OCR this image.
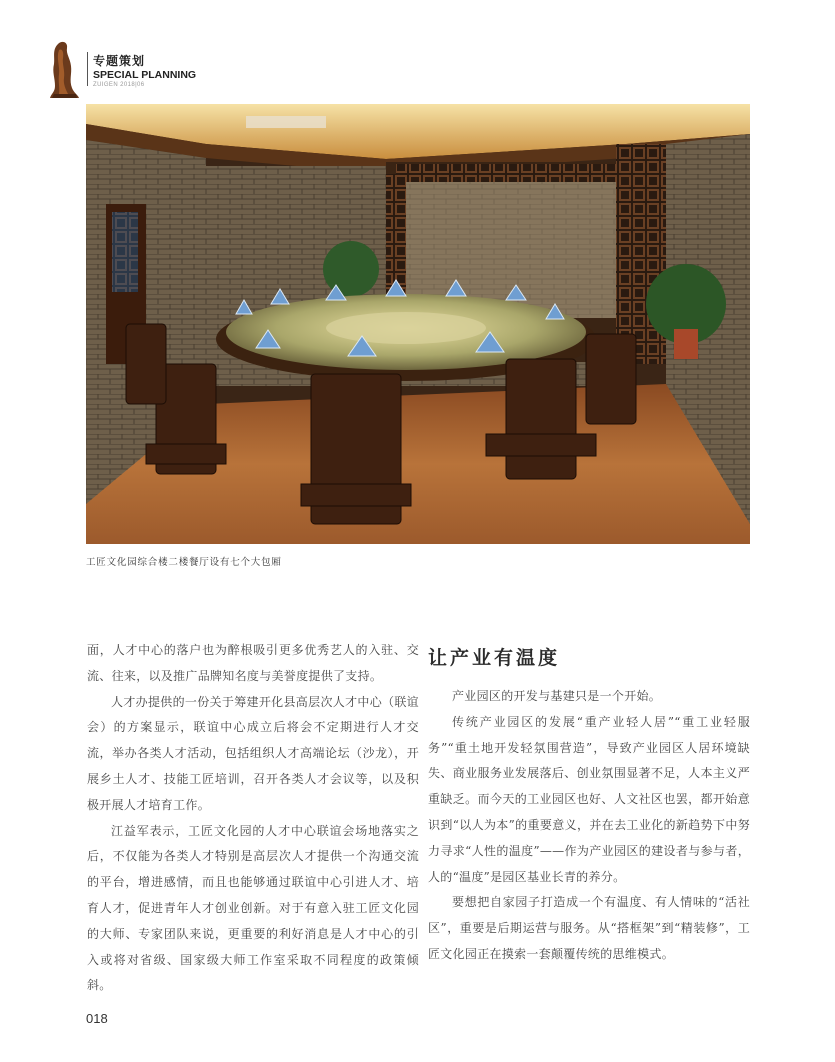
专题策划
SPECIAL PLANNING
ZUIGEN 2018|06
工匠文化园综合楼二楼餐厅设有七个大包厢

面，人才中心的落户也为醉根吸引更多优秀艺人的入驻、交流、往来，以及推广品牌知名度与美誉度提供了支持。

人才办提供的一份关于筹建开化县高层次人才中心（联谊会）的方案显示，联谊中心成立后将会不定期进行人才交流，举办各类人才活动，包括组织人才高端论坛（沙龙），开展乡土人才、技能工匠培训，召开各类人才会议等，以及积极开展人才培育工作。

江益军表示，工匠文化园的人才中心联谊会场地落实之后，不仅能为各类人才特别是高层次人才提供一个沟通交流的平台，增进感情，而且也能够通过联谊中心引进人才、培育人才，促进青年人才创业创新。对于有意入驻工匠文化园的大师、专家团队来说，更重要的利好消息是人才中心的引入或将对省级、国家级大师工作室采取不同程度的政策倾斜。

让产业有温度

产业园区的开发与基建只是一个开始。

传统产业园区的发展“重产业轻人居”“重工业轻服务”“重土地开发轻氛围营造”，导致产业园区人居环境缺失、商业服务业发展落后、创业氛围显著不足，人本主义严重缺乏。而今天的工业园区也好、人文社区也罢，都开始意识到“以人为本”的重要意义，并在去工业化的新趋势下中努力寻求“人性的温度”——作为产业园区的建设者与参与者，人的“温度”是园区基业长青的养分。

要想把自家园子打造成一个有温度、有人情味的“活社区”，重要是后期运营与服务。从“搭框架”到“精装修”，工匠文化园正在摸索一套颠覆传统的思维模式。

018
